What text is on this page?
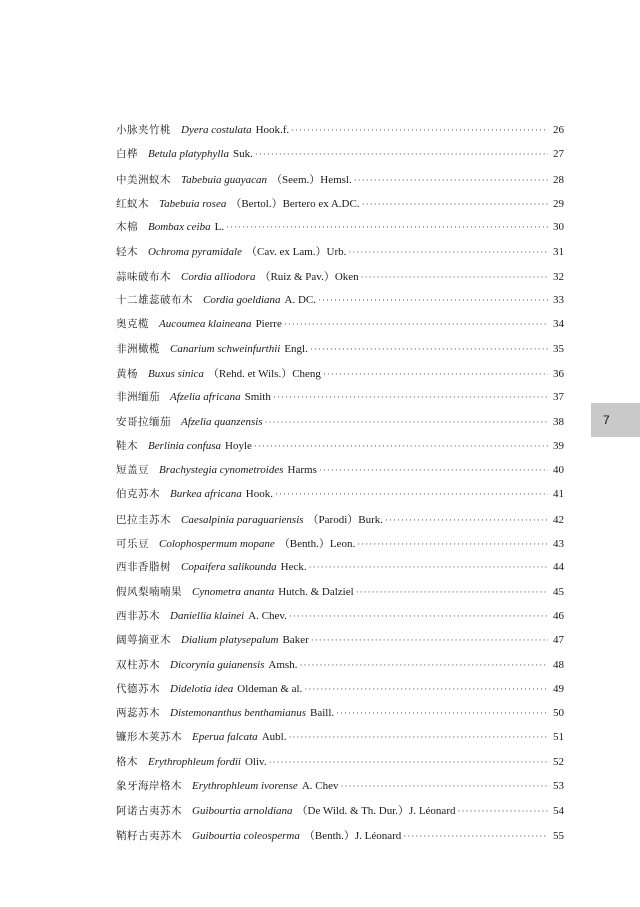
小脉夹竹桃 Dyera costulata Hook.f. ·····	26
白桦 Betula platyphylla Suk. ·····	27
中美洲蚁木 Tabebuia guayacan （Seem.）Hemsl. ·····	28
红蚁木 Tabebuia rosea （Bertol.）Bertero ex A.DC. ·····	29
木棉 Bombax ceiba L. ·····	30
轻木 Ochroma pyramidale （Cav. ex Lam.）Urb. ·····	31
蒜味破布木 Cordia alliodora （Ruiz & Pav.）Oken ·····	32
十二雄蕊破布木 Cordia goeldiana A. DC. ·····	33
奥克榄 Aucoumea klaineana Pierre ·····	34
非洲橄榄 Canarium schweinfurthii Engl. ·····	35
黄杨 Buxus sinica （Rehd. et Wils.）Cheng ·····	36
非洲缅茄 Afzelia africana Smith ·····	37
安哥拉缅茄 Afzelia quanzensis ·····	38
鞋木 Berlinia confusa Hoyle ·····	39
短盖豆 Brachystegia cynometroides Harms ·····	40
伯克苏木 Burkea africana Hook. ·····	41
巴拉圭苏木 Caesalpinia paraguariensis （Parodi）Burk. ·····	42
可乐豆 Colophospermum mopane （Benth.）Leon. ·····	43
西非香脂树 Copaifera salikounda Heck. ·····	44
假风梨喃喃果 Cynometra ananta Hutch. & Dalziel ·····	45
西非苏木 Daniellia klainei A. Chev. ·····	46
阔萼摘亚木 Dialium platysepalum Baker ·····	47
双柱苏木 Dicorynia guianensis Amsh. ·····	48
代德苏木 Didelotia idea Oldeman & al. ·····	49
两蕊苏木 Distemonanthus benthamianus Baill. ·····	50
镰形木荚苏木 Eperua falcata Aubl. ·····	51
格木 Erythrophleum fordii Oliv. ·····	52
象牙海岸格木 Erythrophleum ivorense A. Chev ·····	53
阿诺古夷苏木 Guibourtia arnoldiana （De Wild. & Th. Dur.）J. Léonard ·····	54
鞘籽古夷苏木 Guibourtia coleosperma （Benth.）J. Léonard ·····	55
7
